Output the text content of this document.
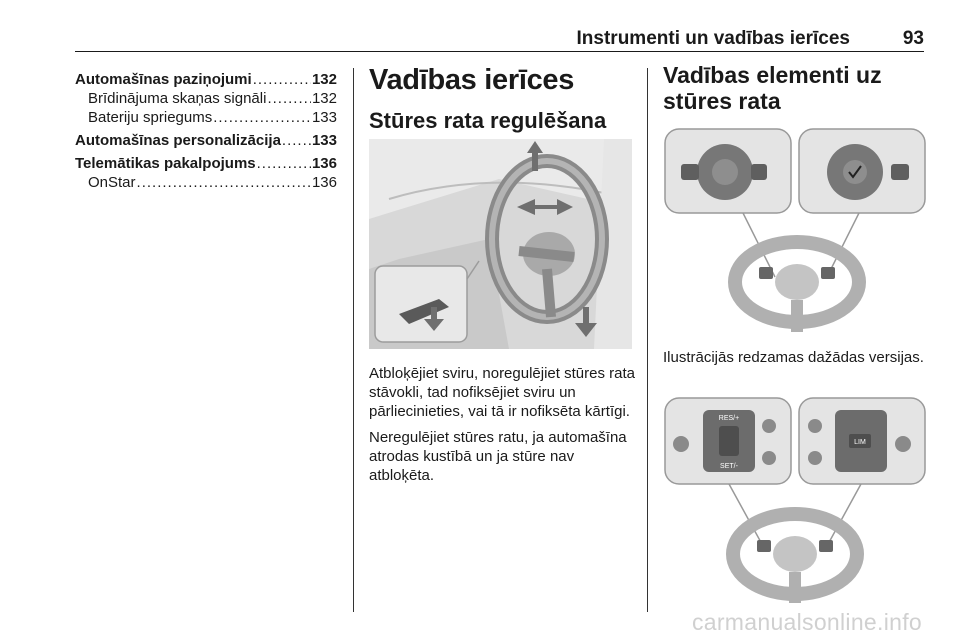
Instrumenti un vadības ierīces	93
Automašīnas paziņojumi .....	132
Brīdinājuma skaņas signāli .....	132
Bateriju spriegums .....	133
Automašīnas personalizācija ..... 133
Telemātikas pakalpojums .....	136
OnStar .....	136
Vadības ierīces
Stūres rata regulēšana

Atbloķējiet sviru, noregulējiet stūres rata stāvokli, tad nofiksējiet sviru un pārliecinieties, vai tā ir nofiksēta kārtīgi.

Neregulējiet stūres ratu, ja automašīna atrodas kustībā un ja stūre nav atbloķēta.

Vadības elementi uz stūres rata

Ilustrācijās redzamas dažādas versijas.

RES/+
SET/-
LIM
carmanualsonline.info
